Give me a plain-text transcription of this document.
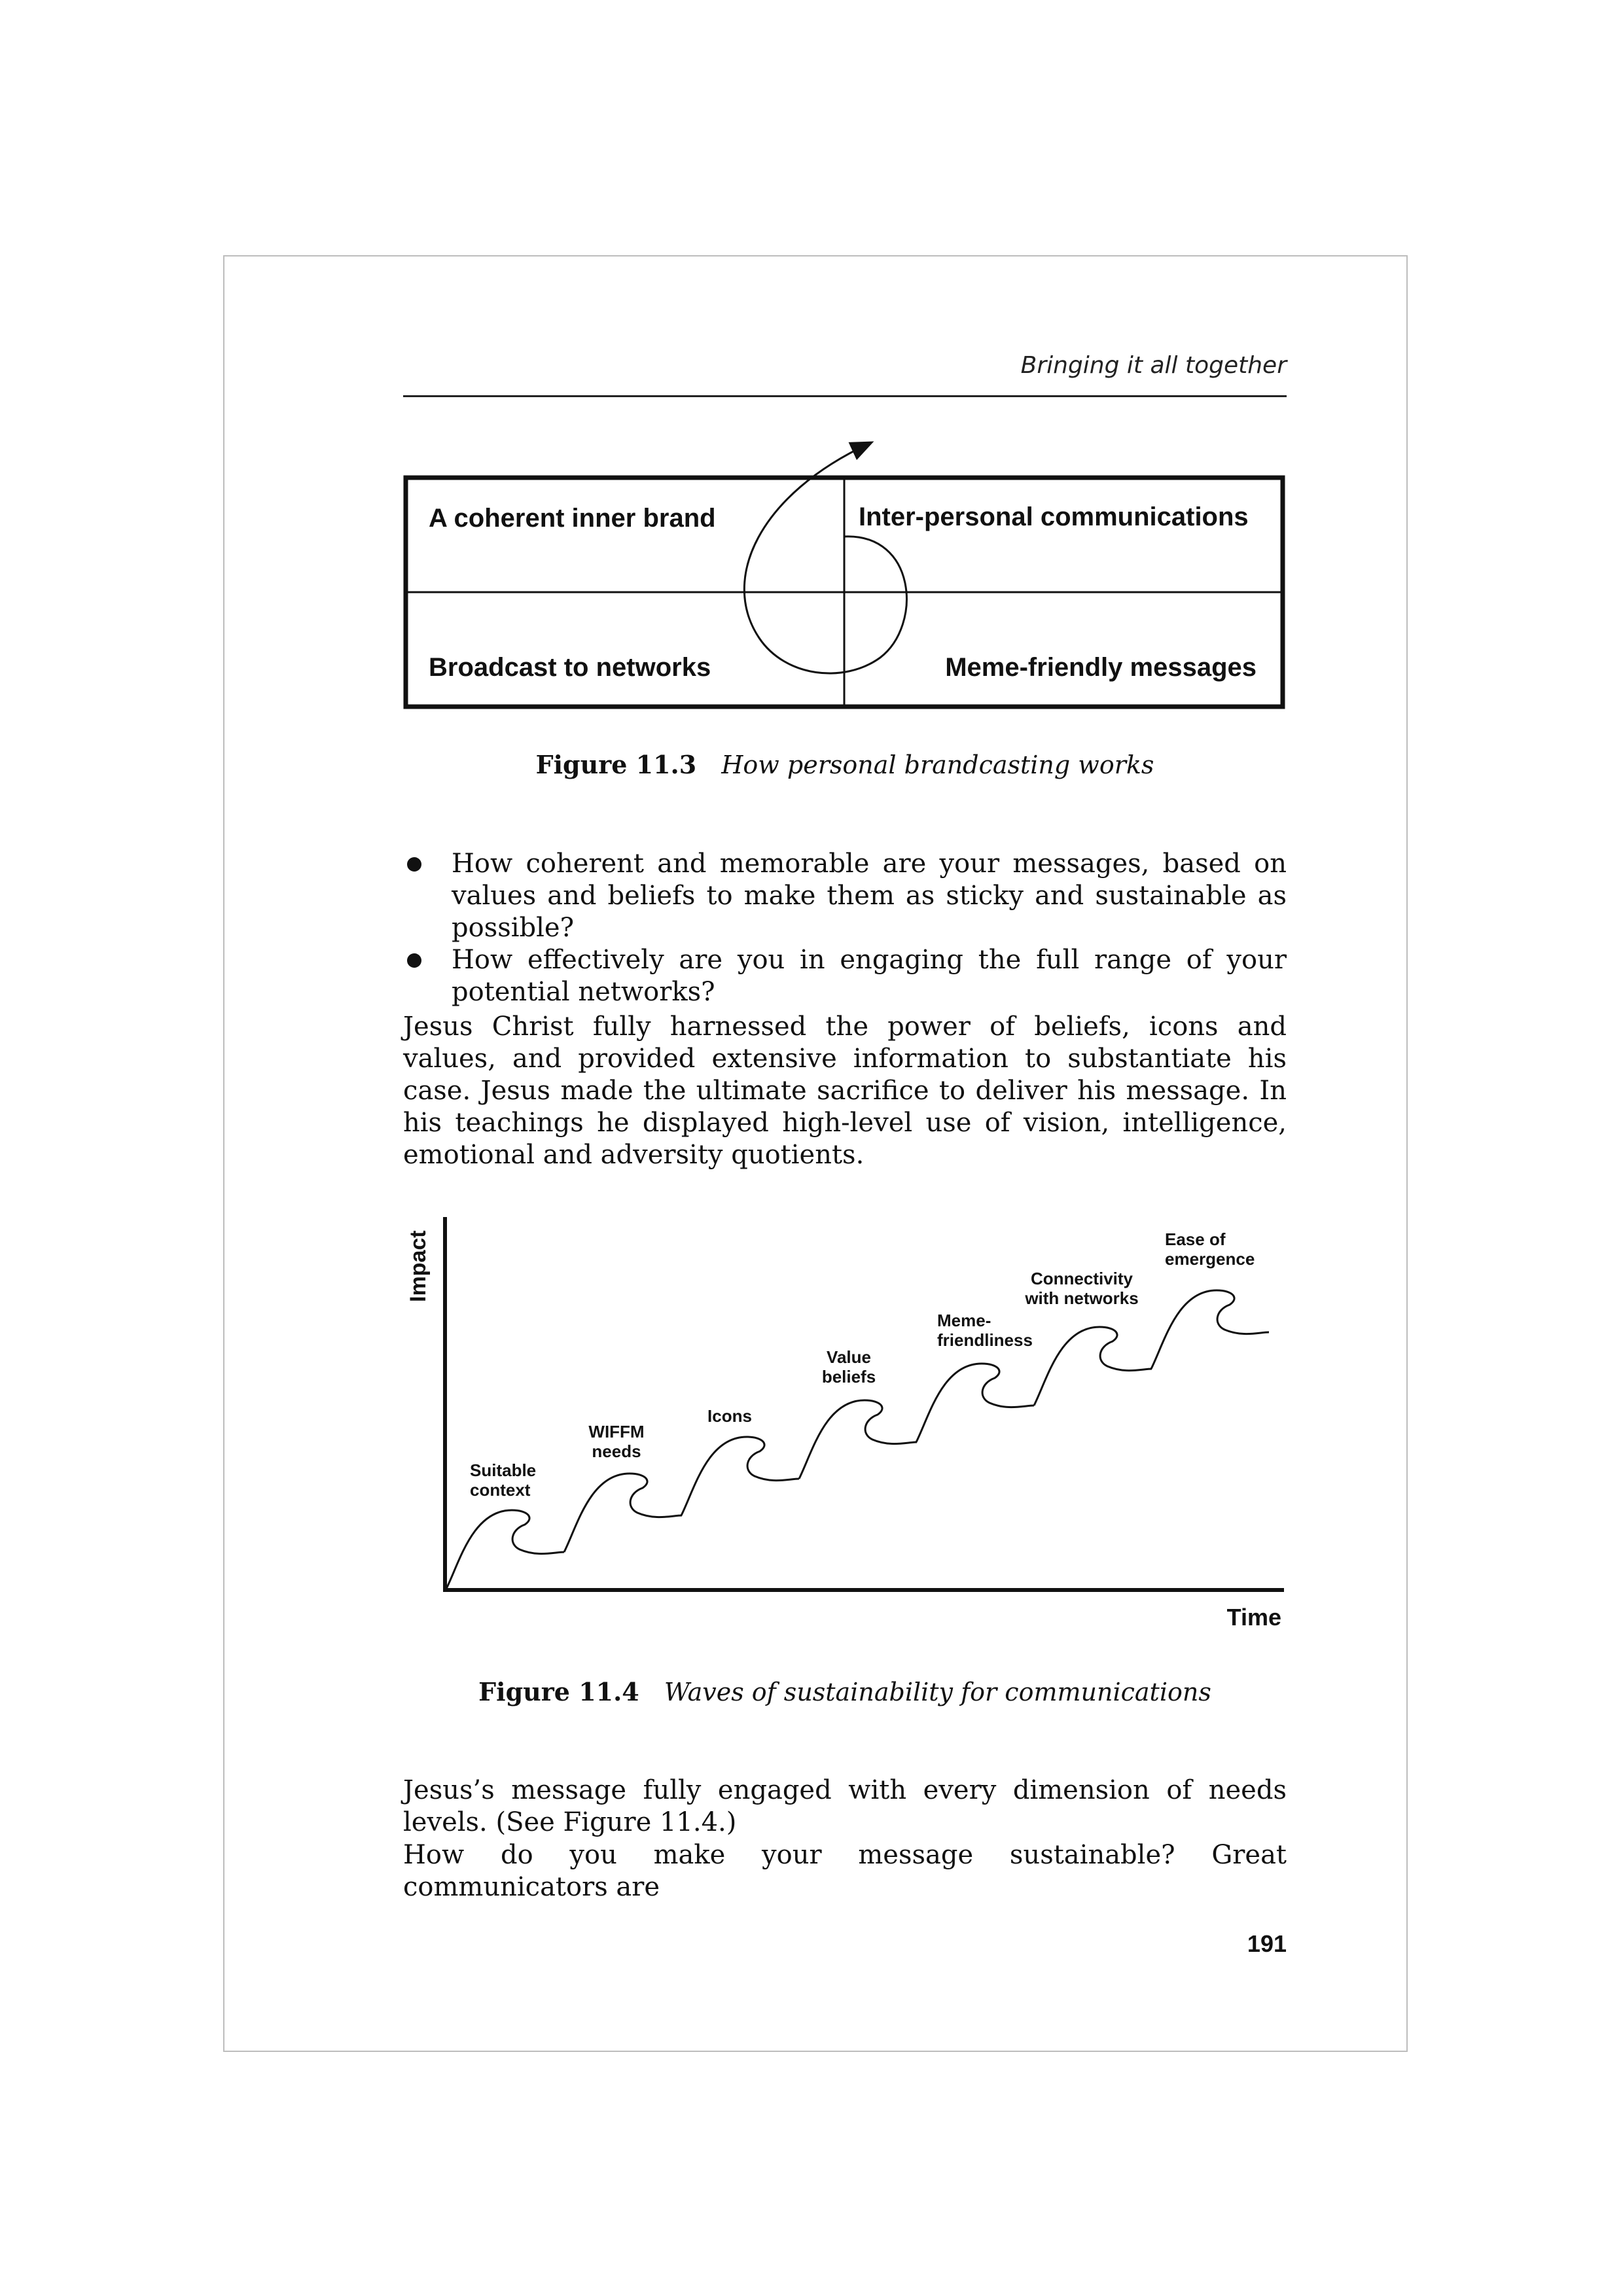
Bringing it all together
A coherent inner brand	Inter-personal communications
Broadcast to networks	Meme-friendly messages
Figure 11.3 How personal brandcasting works
How coherent and memorable are your messages, based on values and beliefs to make them as sticky and sustainable as possible?
How effectively are you in engaging the full range of your potential networks?

Jesus Christ fully harnessed the power of beliefs, icons and values, and provided extensive information to substantiate his case. Jesus made the ultimate sacrifice to deliver his message. In his teachings he displayed high-level use of vision, intelligence, emotional and adversity quotients.

Impact
Time
Suitable
context
WIFFM
needs
Icons
Value
beliefs
Meme-
friendliness
Connectivity
with networks
Ease of
emergence
Figure 11.4 Waves of sustainability for communications

Jesus’s message fully engaged with every dimension of needs levels. (See Figure 11.4.)

How do you make your message sustainable? Great communicators are

191
